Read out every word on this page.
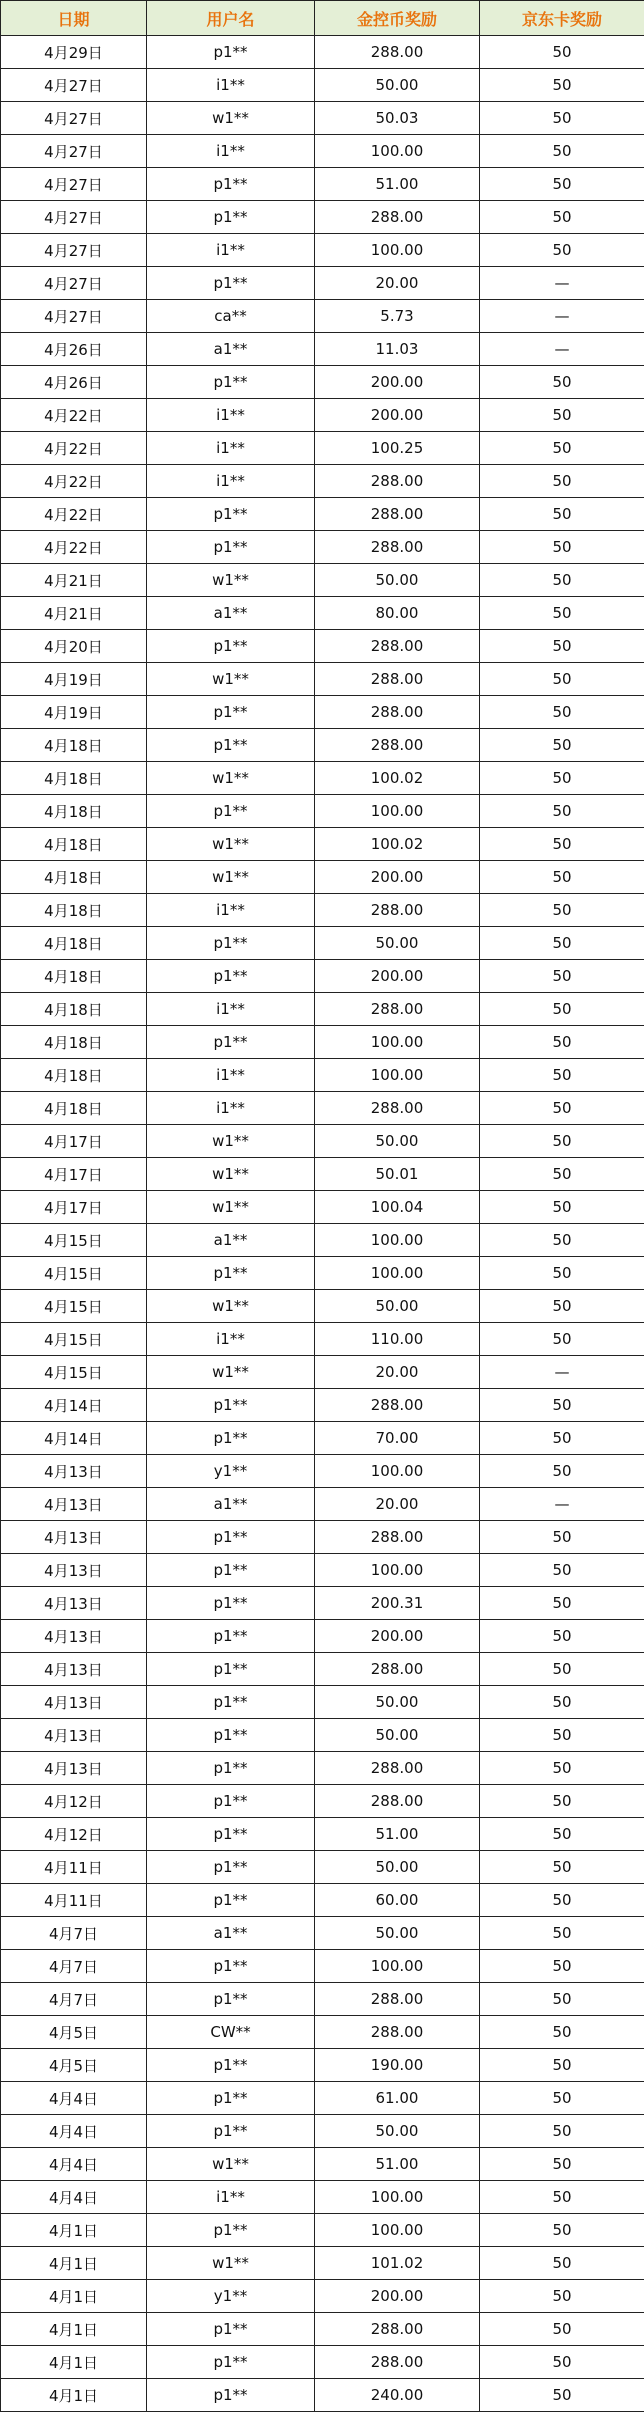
日期	用户名	金控币奖励	京东卡奖励
4月29日	p1**	288.00	50
4月27日	i1**	50.00	50
4月27日	w1**	50.03	50
4月27日	i1**	100.00	50
4月27日	p1**	51.00	50
4月27日	p1**	288.00	50
4月27日	i1**	100.00	50
4月27日	p1**	20.00	—
4月27日	ca**	5.73	—
4月26日	a1**	11.03	—
4月26日	p1**	200.00	50
4月22日	i1**	200.00	50
4月22日	i1**	100.25	50
4月22日	i1**	288.00	50
4月22日	p1**	288.00	50
4月22日	p1**	288.00	50
4月21日	w1**	50.00	50
4月21日	a1**	80.00	50
4月20日	p1**	288.00	50
4月19日	w1**	288.00	50
4月19日	p1**	288.00	50
4月18日	p1**	288.00	50
4月18日	w1**	100.02	50
4月18日	p1**	100.00	50
4月18日	w1**	100.02	50
4月18日	w1**	200.00	50
4月18日	i1**	288.00	50
4月18日	p1**	50.00	50
4月18日	p1**	200.00	50
4月18日	i1**	288.00	50
4月18日	p1**	100.00	50
4月18日	i1**	100.00	50
4月18日	i1**	288.00	50
4月17日	w1**	50.00	50
4月17日	w1**	50.01	50
4月17日	w1**	100.04	50
4月15日	a1**	100.00	50
4月15日	p1**	100.00	50
4月15日	w1**	50.00	50
4月15日	i1**	110.00	50
4月15日	w1**	20.00	—
4月14日	p1**	288.00	50
4月14日	p1**	70.00	50
4月13日	y1**	100.00	50
4月13日	a1**	20.00	—
4月13日	p1**	288.00	50
4月13日	p1**	100.00	50
4月13日	p1**	200.31	50
4月13日	p1**	200.00	50
4月13日	p1**	288.00	50
4月13日	p1**	50.00	50
4月13日	p1**	50.00	50
4月13日	p1**	288.00	50
4月12日	p1**	288.00	50
4月12日	p1**	51.00	50
4月11日	p1**	50.00	50
4月11日	p1**	60.00	50
4月7日	a1**	50.00	50
4月7日	p1**	100.00	50
4月7日	p1**	288.00	50
4月5日	CW**	288.00	50
4月5日	p1**	190.00	50
4月4日	p1**	61.00	50
4月4日	p1**	50.00	50
4月4日	w1**	51.00	50
4月4日	i1**	100.00	50
4月1日	p1**	100.00	50
4月1日	w1**	101.02	50
4月1日	y1**	200.00	50
4月1日	p1**	288.00	50
4月1日	p1**	288.00	50
4月1日	p1**	240.00	50
